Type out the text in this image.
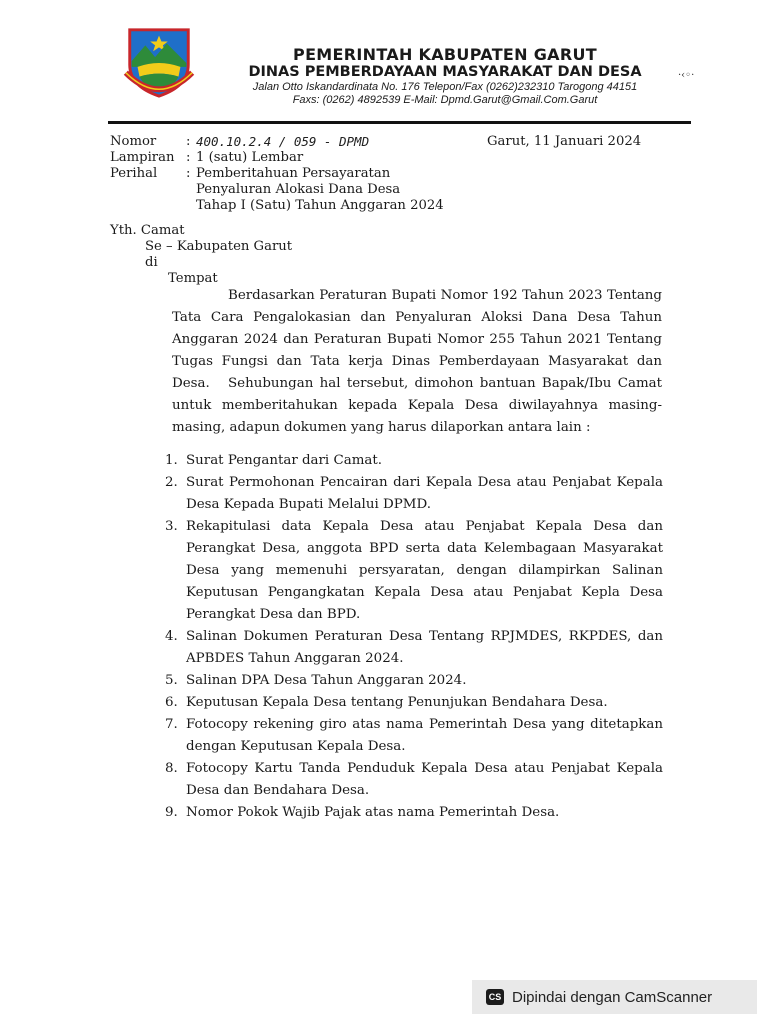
PEMERINTAH KABUPATEN GARUT
DINAS PEMBERDAYAAN MASYARAKAT DAN DESA
Jalan Otto Iskandardinata No. 176 Telepon/Fax (0262)232310 Tarogong 44151
Faxs: (0262) 4892539 E-Mail: Dpmd.Garut@Gmail.Com.Garut
·‹◦·
Nomor	: 400.10.2.4 / 059 - DPMD
Lampiran : 1 (satu) Lembar
Perihal	: Pemberitahuan Persayaratan
Penyaluran Alokasi Dana Desa
Tahap I (Satu) Tahun Anggaran 2024
Garut, 11 Januari 2024
Yth. Camat
Se – Kabupaten Garut
di
Tempat
Berdasarkan Peraturan Bupati Nomor 192 Tahun 2023 Tentang Tata Cara Pengalokasian dan Penyaluran Aloksi Dana Desa Tahun Anggaran 2024 dan Peraturan Bupati Nomor 255 Tahun 2021 Tentang Tugas Fungsi dan Tata kerja Dinas Pemberdayaan Masyarakat dan Desa.	Sehubungan hal tersebut, dimohon bantuan Bapak/Ibu Camat untuk memberitahukan kepada Kepala Desa diwilayahnya masing-masing, adapun dokumen yang harus dilaporkan antara lain :
1. Surat Pengantar dari Camat.
2. Surat Permohonan Pencairan dari Kepala Desa atau Penjabat Kepala Desa Kepada Bupati Melalui DPMD.
3. Rekapitulasi data Kepala Desa atau Penjabat Kepala Desa dan Perangkat Desa, anggota BPD serta data Kelembagaan Masyarakat Desa yang memenuhi persyaratan, dengan dilampirkan Salinan Keputusan Pengangkatan Kepala Desa atau Penjabat Kepla Desa Perangkat Desa dan BPD.
4. Salinan Dokumen Peraturan Desa Tentang RPJMDES, RKPDES, dan APBDES Tahun Anggaran 2024.
5. Salinan DPA Desa Tahun Anggaran 2024.
6. Keputusan Kepala Desa tentang Penunjukan Bendahara Desa.
7. Fotocopy rekening giro atas nama Pemerintah Desa yang ditetapkan dengan Keputusan Kepala Desa.
8. Fotocopy Kartu Tanda Penduduk Kepala Desa atau Penjabat Kepala Desa dan Bendahara Desa.
9. Nomor Pokok Wajib Pajak atas nama Pemerintah Desa.
CS Dipindai dengan CamScanner
